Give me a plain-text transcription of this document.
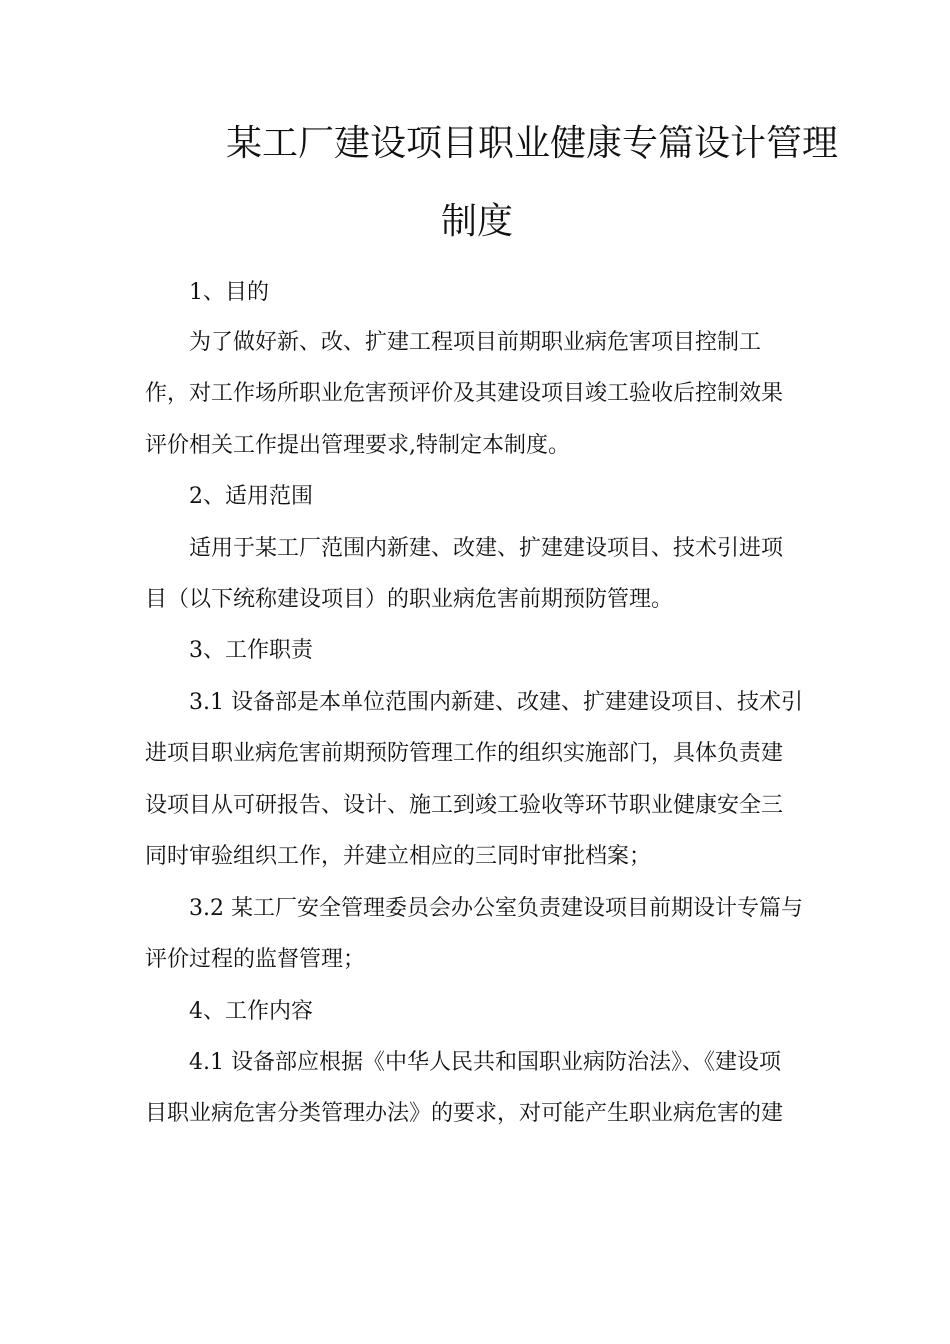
某工厂建设项目职业健康专篇设计管理
制度
1、目的
为了做好新、改、扩建工程项目前期职业病危害项目控制工
作，对工作场所职业危害预评价及其建设项目竣工验收后控制效果
评价相关工作提出管理要求,特制定本制度。
2、适用范围
适用于某工厂范围内新建、改建、扩建建设项目、技术引进项
目（以下统称建设项目）的职业病危害前期预防管理。
3、工作职责
3.1 设备部是本单位范围内新建、改建、扩建建设项目、技术引
进项目职业病危害前期预防管理工作的组织实施部门，具体负责建
设项目从可研报告、设计、施工到竣工验收等环节职业健康安全三
同时审验组织工作，并建立相应的三同时审批档案；
3.2 某工厂安全管理委员会办公室负责建设项目前期设计专篇与
评价过程的监督管理；
4、工作内容
4.1 设备部应根据《中华人民共和国职业病防治法》、《建设项
目职业病危害分类管理办法》的要求，对可能产生职业病危害的建
